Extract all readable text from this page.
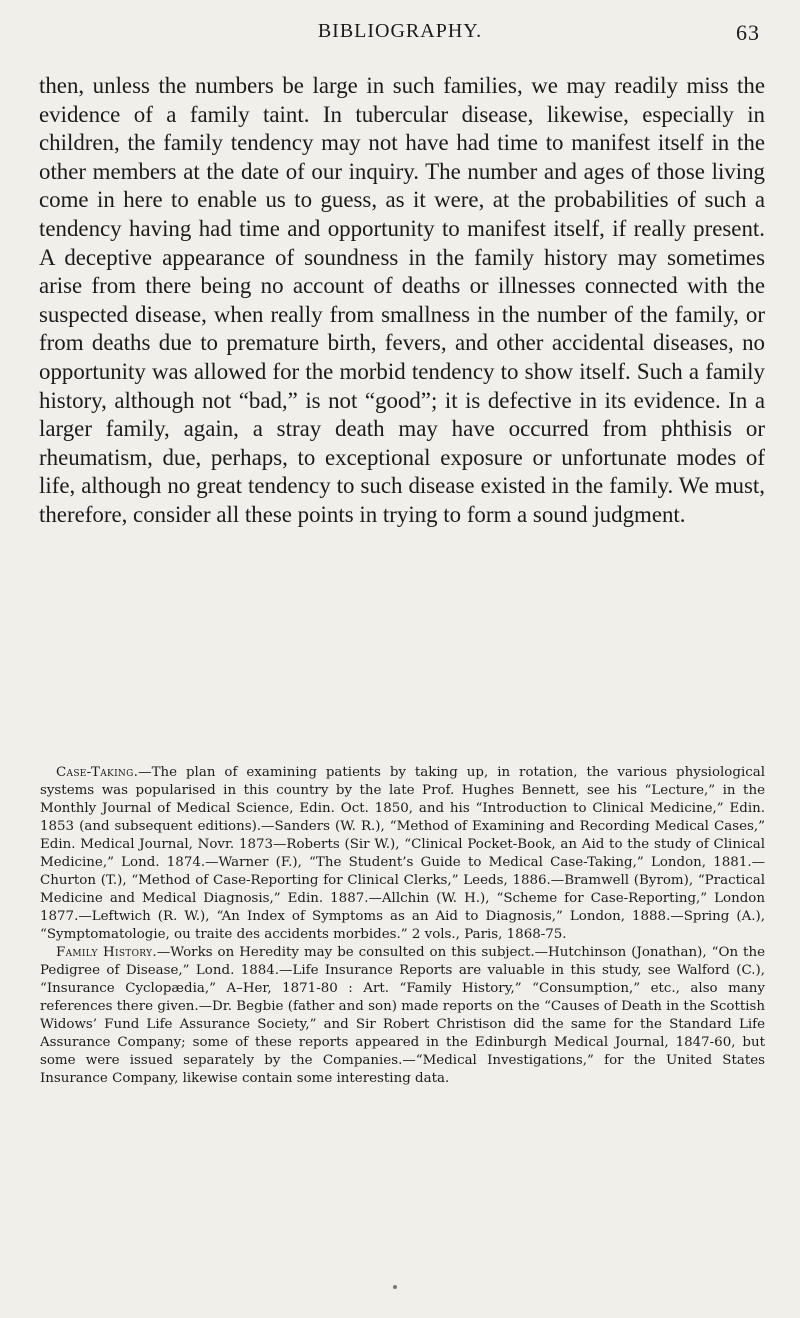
BIBLIOGRAPHY.	63

then, unless the numbers be large in such families, we may readily miss the evidence of a family taint. In tubercular disease, likewise, especially in children, the family tendency may not have had time to manifest itself in the other members at the date of our inquiry. The number and ages of those living come in here to enable us to guess, as it were, at the probabilities of such a tendency having had time and opportunity to manifest itself, if really present. A deceptive appearance of soundness in the family history may sometimes arise from there being no account of deaths or illnesses connected with the suspected disease, when really from smallness in the number of the family, or from deaths due to premature birth, fevers, and other accidental diseases, no opportunity was allowed for the morbid tendency to show itself. Such a family history, although not “bad,” is not “good”; it is defective in its evidence. In a larger family, again, a stray death may have occurred from phthisis or rheumatism, due, perhaps, to exceptional exposure or unfortunate modes of life, although no great tendency to such disease existed in the family. We must, therefore, consider all these points in trying to form a sound judgment.

Case-Taking.—The plan of examining patients by taking up, in rotation, the various physiological systems was popularised in this country by the late Prof. Hughes Bennett, see his “Lecture,” in the Monthly Journal of Medical Science, Edin. Oct. 1850, and his “Introduction to Clinical Medicine,” Edin. 1853 (and subsequent editions).—Sanders (W. R.), “Method of Examining and Recording Medical Cases,” Edin. Medical Journal, Novr. 1873—Roberts (Sir W.), “Clinical Pocket-Book, an Aid to the study of Clinical Medicine,” Lond. 1874.—Warner (F.), “The Student’s Guide to Medical Case-Taking,” London, 1881.—Churton (T.), “Method of Case-Reporting for Clinical Clerks,” Leeds, 1886.—Bramwell (Byrom), “Practical Medicine and Medical Diagnosis,” Edin. 1887.—Allchin (W. H.), “Scheme for Case-Reporting,” London 1877.—Leftwich (R. W.), “An Index of Symptoms as an Aid to Diagnosis,” London, 1888.—Spring (A.), “Symptomatologie, ou traite des accidents morbides.” 2 vols., Paris, 1868-75.

Family History.—Works on Heredity may be consulted on this subject.—Hutchinson (Jonathan), “On the Pedigree of Disease,” Lond. 1884.—Life Insurance Reports are valuable in this study, see Walford (C.), “Insurance Cyclopædia,” A–Her, 1871-80 : Art. “Family History,” “Consumption,” etc., also many references there given.—Dr. Begbie (father and son) made reports on the “Causes of Death in the Scottish Widows’ Fund Life Assurance Society,” and Sir Robert Christison did the same for the Standard Life Assurance Company; some of these reports appeared in the Edinburgh Medical Journal, 1847-60, but some were issued separately by the Companies.—“Medical Investigations,” for the United States Insurance Company, likewise contain some interesting data.
